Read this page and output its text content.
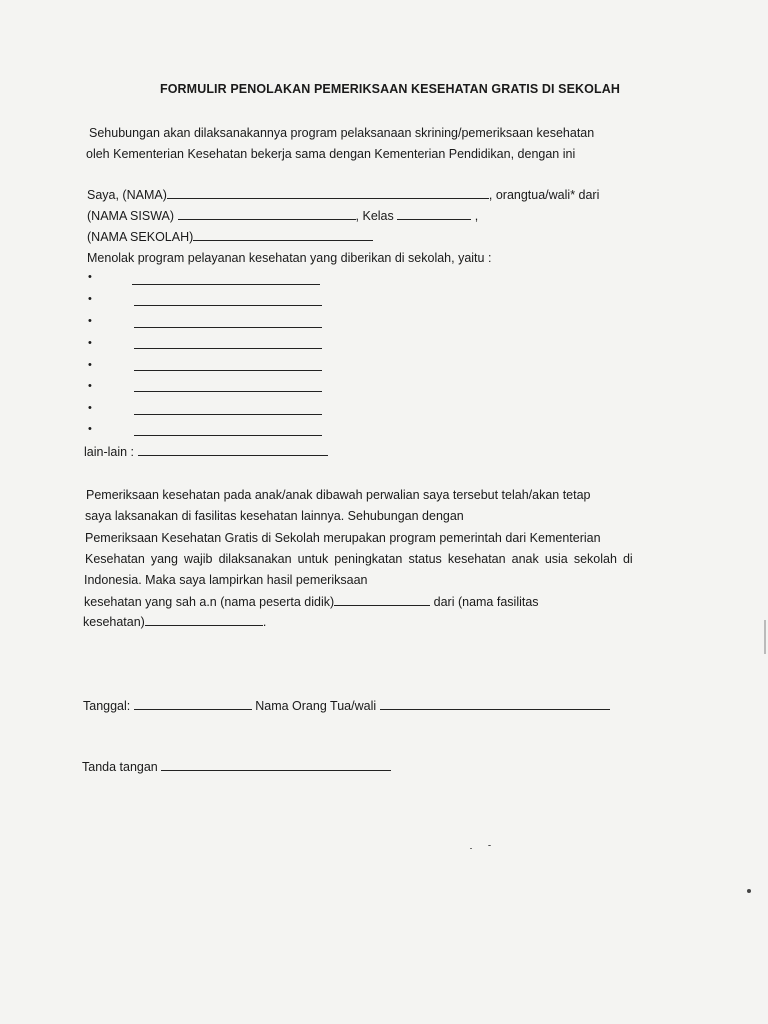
FORMULIR PENOLAKAN PEMERIKSAAN KESEHATAN GRATIS DI SEKOLAH
Sehubungan akan dilaksanakannya program pelaksanaan skrining/pemeriksaan kesehatan
oleh Kementerian Kesehatan bekerja sama dengan Kementerian Pendidikan, dengan ini
Saya, (NAMA)	, orangtua/wali* dari
(NAMA SISWA)	, Kelas	,
(NAMA SEKOLAH)
Menolak program pelayanan kesehatan yang diberikan di sekolah, yaitu :
•
•
•
•
•
•
•
•
lain-lain :
Pemeriksaan kesehatan pada anak/anak dibawah perwalian saya tersebut telah/akan tetap
saya laksanakan di fasilitas kesehatan lainnya. Sehubungan dengan
Pemeriksaan Kesehatan Gratis di Sekolah merupakan program pemerintah dari Kementerian
Kesehatan yang wajib dilaksanakan untuk peningkatan status kesehatan anak usia sekolah di
Indonesia. Maka saya lampirkan hasil pemeriksaan
kesehatan yang sah a.n (nama peserta didik)	dari (nama fasilitas
kesehatan)	.
Tanggal:	Nama Orang Tua/wali
Tanda tangan
